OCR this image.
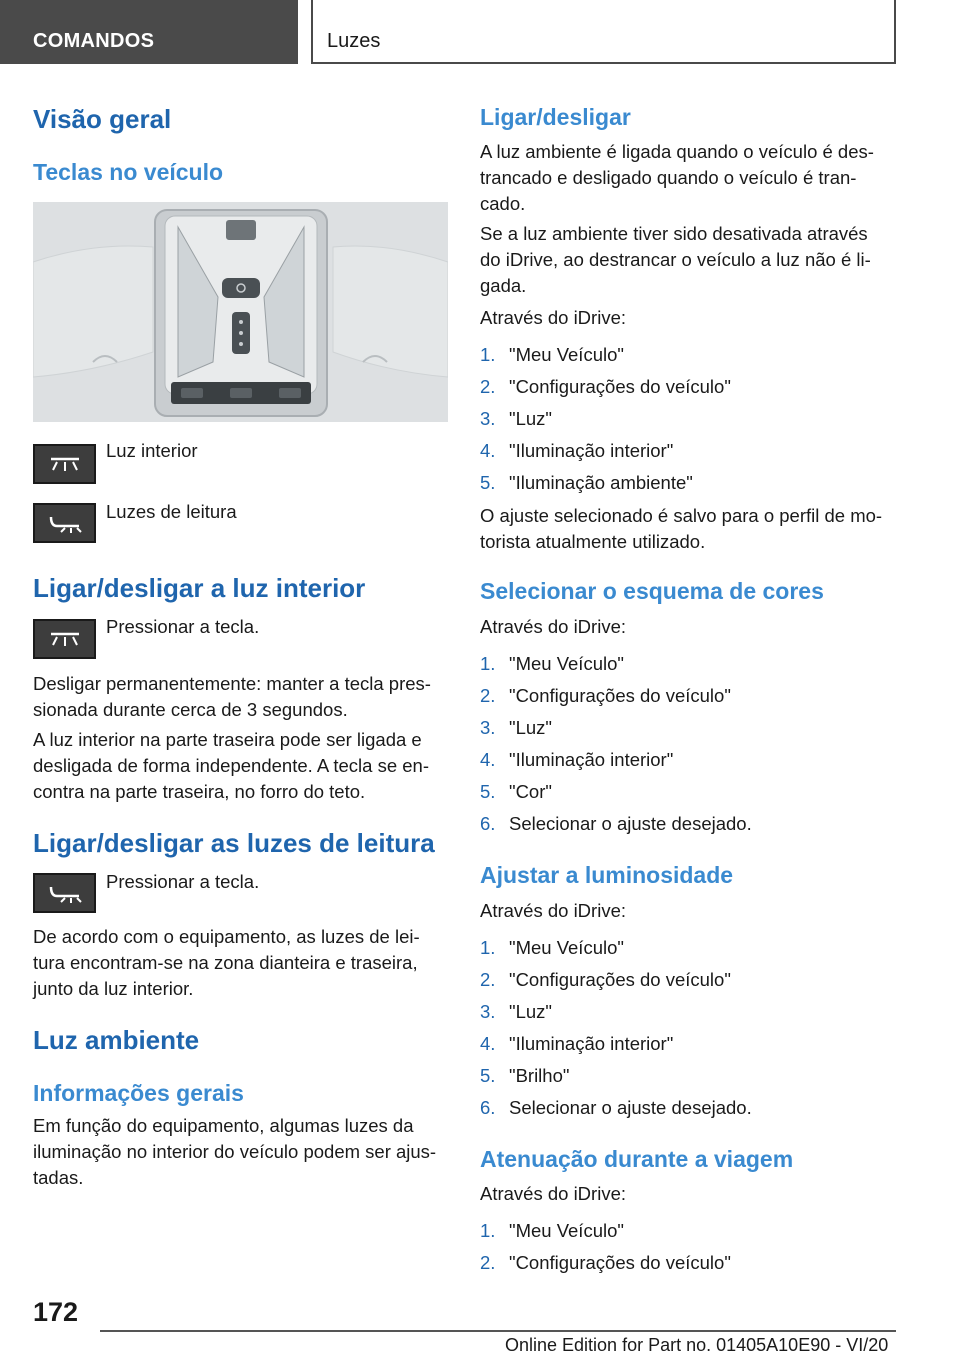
COMANDOS	Luzes
Visão geral
Teclas no veículo
Luz interior
Luzes de leitura
Ligar/desligar a luz interior
Pressionar a tecla.
Desligar permanentemente: manter a tecla pres-
sionada durante cerca de 3 segundos.
A luz interior na parte traseira pode ser ligada e
desligada de forma independente. A tecla se en-
contra na parte traseira, no forro do teto.
Ligar/desligar as luzes de leitura
Pressionar a tecla.
De acordo com o equipamento, as luzes de lei-
tura encontram-se na zona dianteira e traseira,
junto da luz interior.
Luz ambiente
Informações gerais
Em função do equipamento, algumas luzes da
iluminação no interior do veículo podem ser ajus-
tadas.
Ligar/desligar
A luz ambiente é ligada quando o veículo é des-
trancado e desligado quando o veículo é tran-
cado.
Se a luz ambiente tiver sido desativada através
do iDrive, ao destrancar o veículo a luz não é li-
gada.
Através do iDrive:
1. "Meu Veículo"
2. "Configurações do veículo"
3. "Luz"
4. "Iluminação interior"
5. "Iluminação ambiente"
O ajuste selecionado é salvo para o perfil de mo-
torista atualmente utilizado.
Selecionar o esquema de cores
Através do iDrive:
1. "Meu Veículo"
2. "Configurações do veículo"
3. "Luz"
4. "Iluminação interior"
5. "Cor"
6. Selecionar o ajuste desejado.
Ajustar a luminosidade
Através do iDrive:
1. "Meu Veículo"
2. "Configurações do veículo"
3. "Luz"
4. "Iluminação interior"
5. "Brilho"
6. Selecionar o ajuste desejado.
Atenuação durante a viagem
Através do iDrive:
1. "Meu Veículo"
2. "Configurações do veículo"
172
Online Edition for Part no. 01405A10E90 - VI/20
